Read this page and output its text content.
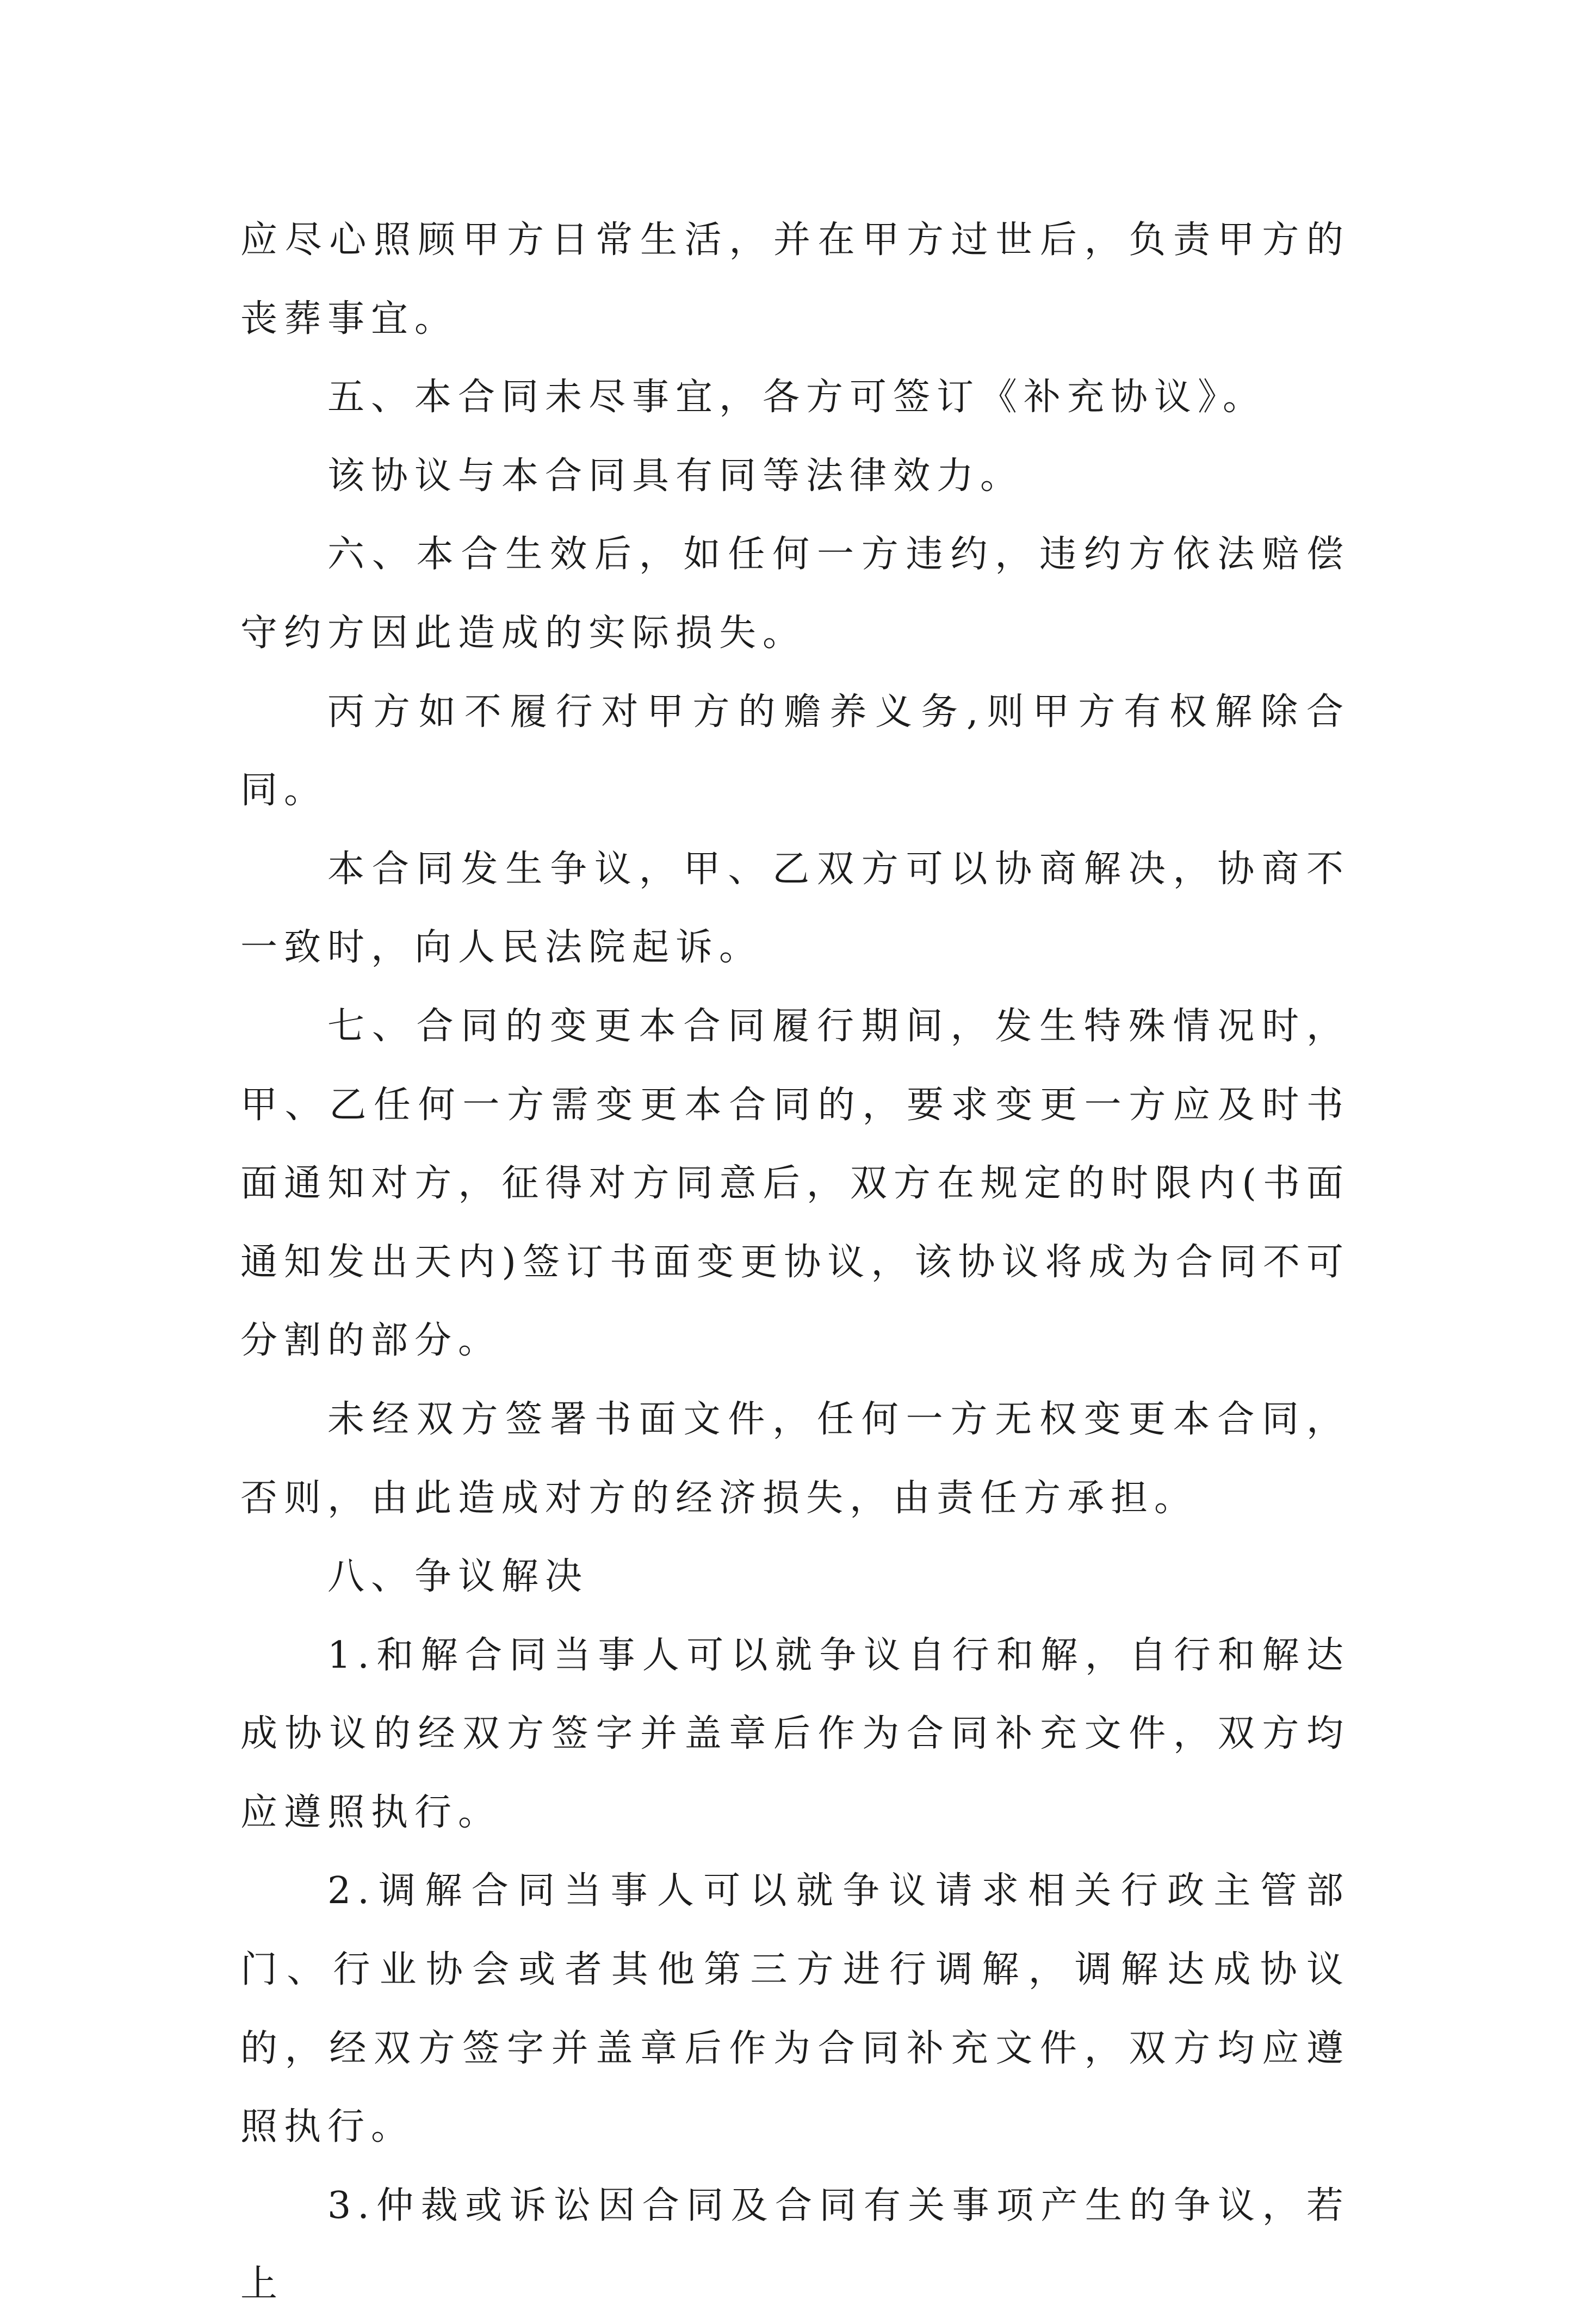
应尽心照顾甲方日常生活，并在甲方过世后，负责甲方的丧葬事宜。

五、本合同未尽事宜，各方可签订《补充协议》。

该协议与本合同具有同等法律效力。

六、本合生效后，如任何一方违约，违约方依法赔偿守约方因此造成的实际损失。

丙方如不履行对甲方的赡养义务,则甲方有权解除合同。

本合同发生争议，甲、乙双方可以协商解决，协商不一致时，向人民法院起诉。

七、合同的变更本合同履行期间，发生特殊情况时，甲、乙任何一方需变更本合同的，要求变更一方应及时书面通知对方，征得对方同意后，双方在规定的时限内(书面通知发出天内)签订书面变更协议，该协议将成为合同不可分割的部分。

未经双方签署书面文件，任何一方无权变更本合同，否则，由此造成对方的经济损失，由责任方承担。

八、争议解决

1.和解合同当事人可以就争议自行和解，自行和解达成协议的经双方签字并盖章后作为合同补充文件，双方均应遵照执行。

2.调解合同当事人可以就争议请求相关行政主管部门、行业协会或者其他第三方进行调解，调解达成协议的，经双方签字并盖章后作为合同补充文件，双方均应遵照执行。

3.仲裁或诉讼因合同及合同有关事项产生的争议，若上
